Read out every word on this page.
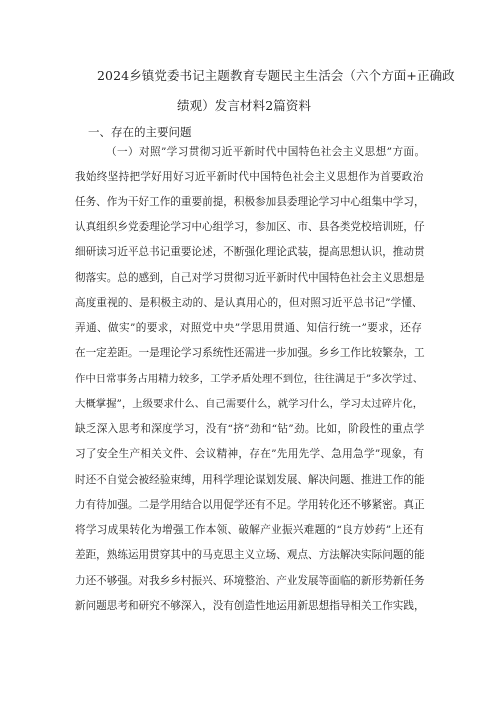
2024乡镇党委书记主题教育专题民主生活会（六个方面+正确政
绩观）发言材料2篇资料
一、存在的主要问题
（一）对照”学习贯彻习近平新时代中国特色社会主义思想”方面。
我始终坚持把学好用好习近平新时代中国特色社会主义思想作为首要政治
任务、作为干好工作的重要前提，积极参加县委理论学习中心组集中学习，
认真组织乡党委理论学习中心组学习，参加区、市、县各类党校培训班，仔
细研读习近平总书记重要论述，不断强化理论武装，提高思想认识，推动贯
彻落实。总的感到，自己对学习贯彻习近平新时代中国特色社会主义思想是
高度重视的、是积极主动的、是认真用心的，但对照习近平总书记”学懂、
弄通、做实”的要求，对照党中央”学思用贯通、知信行统一”要求，还存
在一定差距。一是理论学习系统性还需进一步加强。乡乡工作比较繁杂，工
作中日常事务占用精力较多，工学矛盾处理不到位，往往满足于”多次学过、
大概掌握”，上级要求什么、自己需要什么，就学习什么，学习太过碎片化，
缺乏深入思考和深度学习，没有“挤”劲和“钻”劲。比如，阶段性的重点学
习了安全生产相关文件、会议精神，存在”先用先学、急用急学”现象，有
时还不自觉会被经验束缚，用科学理论谋划发展、解决问题、推进工作的能
力有待加强。二是学用结合以用促学还有不足。学用转化还不够紧密。真正
将学习成果转化为增强工作本领、破解产业振兴难题的“良方妙药”上还有
差距，熟练运用贯穿其中的马克思主义立场、观点、方法解决实际问题的能
力还不够强。对我乡乡村振兴、环境整治、产业发展等面临的新形势新任务
新问题思考和研究不够深入，没有创造性地运用新思想指导相关工作实践，
